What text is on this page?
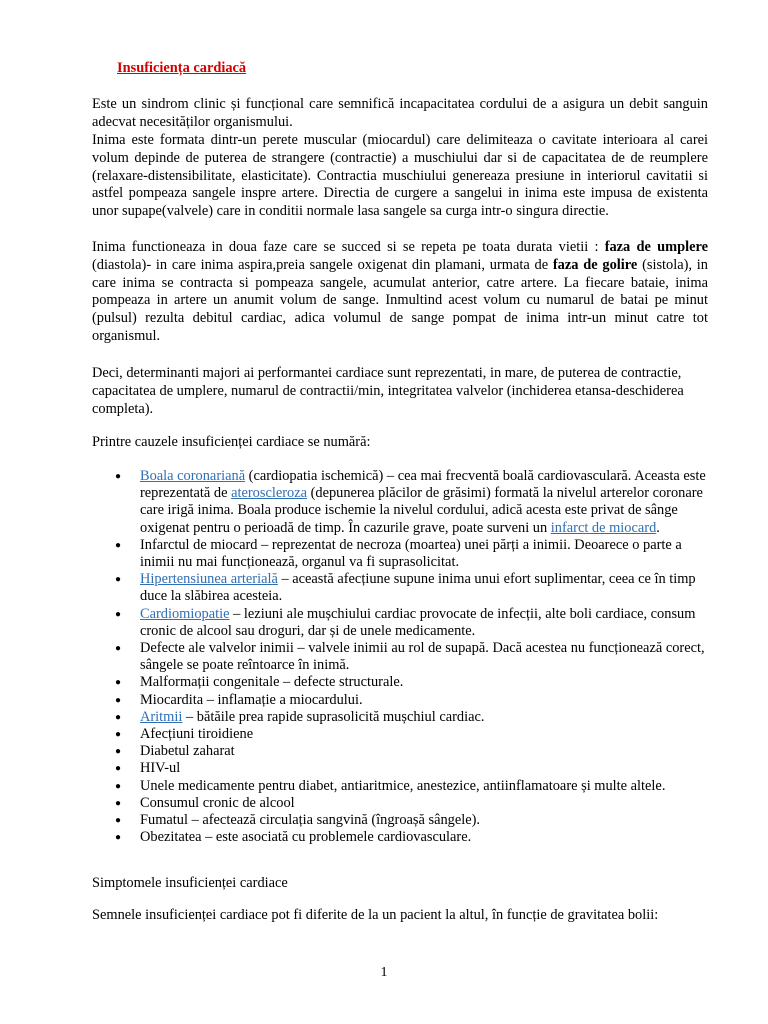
Insuficiența cardiacă

Este un sindrom clinic și funcțional care semnifică incapacitatea cordului de a asigura un debit sanguin adecvat necesităților organismului.

Inima este formata dintr-un perete muscular (miocardul) care delimiteaza o cavitate interioara al carei volum depinde de puterea de strangere (contractie) a muschiului dar si de capacitatea de de reumplere (relaxare-distensibilitate, elasticitate). Contractia muschiului genereaza presiune in interiorul cavitatii si astfel pompeaza sangele inspre artere. Directia de curgere a sangelui in inima este impusa de existenta unor supape(valvele) care in conditii normale lasa sangele sa curga intr-o singura directie.

Inima functioneaza in doua faze care se succed si se repeta pe toata durata vietii : faza de umplere (diastola)- in care inima aspira,preia sangele oxigenat din plamani, urmata de faza de golire (sistola), in care inima se contracta si pompeaza sangele, acumulat anterior, catre artere. La fiecare bataie, inima pompeaza in artere un anumit volum de sange. Inmultind acest volum cu numarul de batai pe minut (pulsul) rezulta debitul cardiac, adica volumul de sange pompat de inima intr-un minut catre tot organismul.

Deci, determinanti majori ai performantei cardiace sunt reprezentati, in mare, de puterea de contractie, capacitatea de umplere, numarul de contractii/min, integritatea valvelor (inchiderea etansa-deschiderea completa).

Printre cauzele insuficienței cardiace se numără:

● Boala coronariană (cardiopatia ischemică) – cea mai frecventă boală cardiovasculară. Aceasta este reprezentată de ateroscleroza (depunerea plăcilor de grăsimi) formată la nivelul arterelor coronare care irigă inima. Boala produce ischemie la nivelul cordului, adică acesta este privat de sânge oxigenat pentru o perioadă de timp. În cazurile grave, poate surveni un infarct de miocard.
● Infarctul de miocard – reprezentat de necroza (moartea) unei părți a inimii. Deoarece o parte a inimii nu mai funcționează, organul va fi suprasolicitat.
● Hipertensiunea arterială – această afecțiune supune inima unui efort suplimentar, ceea ce în timp duce la slăbirea acesteia.
● Cardiomiopatie – leziuni ale mușchiului cardiac provocate de infecții, alte boli cardiace, consum cronic de alcool sau droguri, dar și de unele medicamente.
● Defecte ale valvelor inimii – valvele inimii au rol de supapă. Dacă acestea nu funcționează corect, sângele se poate reîntoarce în inimă.
● Malformații congenitale – defecte structurale.
● Miocardita – inflamație a miocardului.
● Aritmii – bătăile prea rapide suprasolicită mușchiul cardiac.
● Afecțiuni tiroidiene
● Diabetul zaharat
● HIV-ul
● Unele medicamente pentru diabet, antiaritmice, anestezice, antiinflamatoare și multe altele.
● Consumul cronic de alcool
● Fumatul – afectează circulația sangvină (îngroașă sângele).
● Obezitatea – este asociată cu problemele cardiovasculare.

Simptomele insuficienței cardiace

Semnele insuficienței cardiace pot fi diferite de la un pacient la altul, în funcție de gravitatea bolii:

1
